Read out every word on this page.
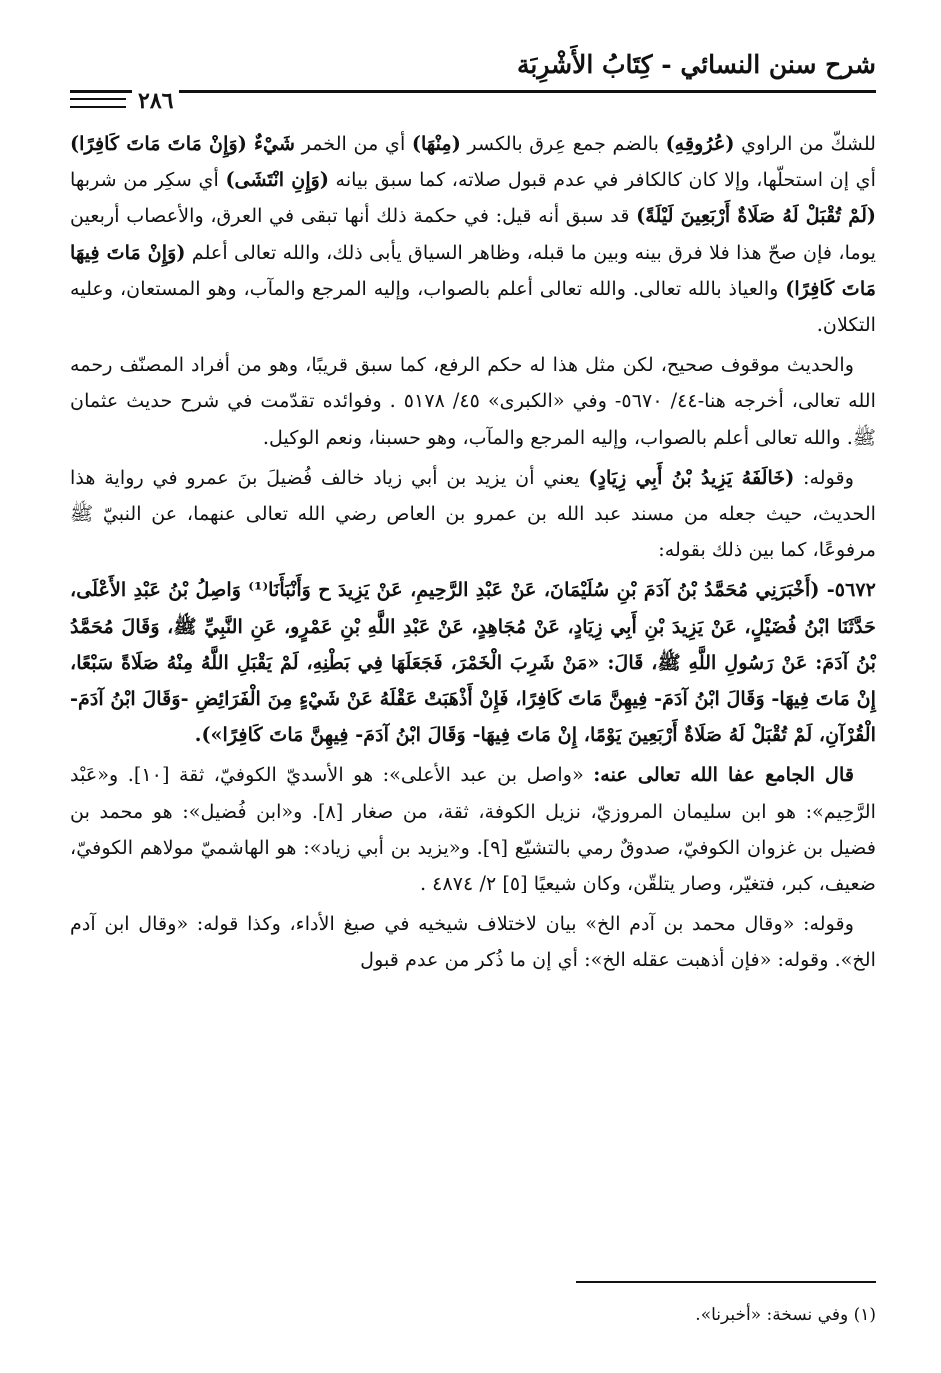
شرح سنن النسائي - كِتَابُ الأَشْرِبَة
٢٨٦

للشكّ من الراوي (عُرُوقِهِ) بالضم جمع عِرق بالكسر (مِنْهَا) أي من الخمر شَيْءٌ (وَإِنْ مَاتَ مَاتَ كَافِرًا) أي إن استحلّها، وإلا كان كالكافر في عدم قبول صلاته، كما سبق بيانه (وَإِنِ انْتَشَى) أي سكِر من شربها (لَمْ تُقْبَلْ لَهُ صَلَاةٌ أَرْبَعِينَ لَيْلَةً) قد سبق أنه قيل: في حكمة ذلك أنها تبقى في العرق، والأعصاب أربعين يوما، فإن صحّ هذا فلا فرق بينه وبين ما قبله، وظاهر السياق يأبى ذلك، والله تعالى أعلم (وَإِنْ مَاتَ فِيهَا مَاتَ كَافِرًا) والعياذ بالله تعالى. والله تعالى أعلم بالصواب، وإليه المرجع والمآب، وهو المستعان، وعليه التكلان.

والحديث موقوف صحيح، لكن مثل هذا له حكم الرفع، كما سبق قريبًا، وهو من أفراد المصنّف رحمه الله تعالى، أخرجه هنا-٤٤/ ٥٦٧٠- وفي «الكبرى» ٤٥/ ٥١٧٨ . وفوائده تقدّمت في شرح حديث عثمان ﷺ. والله تعالى أعلم بالصواب، وإليه المرجع والمآب، وهو حسبنا، ونعم الوكيل.

وقوله: (خَالَفَهُ يَزِيدُ بْنُ أَبِي زِيَادٍ) يعني أن يزيد بن أبي زياد خالف فُضيلَ بنَ عمرو في رواية هذا الحديث، حيث جعله من مسند عبد الله بن عمرو بن العاص رضي الله تعالى عنهما، عن النبيّ ﷺ مرفوعًا، كما بين ذلك بقوله:

٥٦٧٢- (أَخْبَرَنِي مُحَمَّدُ بْنُ آدَمَ بْنِ سُلَيْمَانَ، عَنْ عَبْدِ الرَّحِيمِ، عَنْ يَزِيدَ ح وَأَنْبَأَنَا⁽¹⁾ وَاصِلُ بْنُ عَبْدِ الأَعْلَى، حَدَّثَنَا ابْنُ فُضَيْلٍ، عَنْ يَزِيدَ بْنِ أَبِي زِيَادٍ، عَنْ مُجَاهِدٍ، عَنْ عَبْدِ اللَّهِ بْنِ عَمْرٍو، عَنِ النَّبِيِّ ﷺ، وَقَالَ مُحَمَّدُ بْنُ آدَمَ: عَنْ رَسُولِ اللَّهِ ﷺ، قَالَ: «مَنْ شَرِبَ الْخَمْرَ، فَجَعَلَهَا فِي بَطْنِهِ، لَمْ يَقْبَلِ اللَّهُ مِنْهُ صَلَاةً سَبْعًا، إِنْ مَاتَ فِيهَا- وَقَالَ ابْنُ آدَمَ- فِيهِنَّ مَاتَ كَافِرًا، فَإِنْ أَذْهَبَتْ عَقْلَهُ عَنْ شَيْءٍ مِنَ الْفَرَائِضِ -وَقَالَ ابْنُ آدَمَ- الْقُرْآنِ، لَمْ تُقْبَلْ لَهُ صَلَاةٌ أَرْبَعِينَ يَوْمًا، إِنْ مَاتَ فِيهَا- وَقَالَ ابْنُ آدَمَ- فِيهِنَّ مَاتَ كَافِرًا»).

قال الجامع عفا الله تعالى عنه: «واصل بن عبد الأعلى»: هو الأسديّ الكوفيّ، ثقة [١٠]. و«عَبْد الرَّحِيم»: هو ابن سليمان المروزيّ، نزيل الكوفة، ثقة، من صغار [٨]. و«ابن فُضيل»: هو محمد بن فضيل بن غزوان الكوفيّ، صدوقٌ رمي بالتشيّع [٩]. و«يزيد بن أبي زياد»: هو الهاشميّ مولاهم الكوفيّ، ضعيف، كبر، فتغيّر، وصار يتلقّن، وكان شيعيًا [٥] ٢/ ٤٨٧٤ .

وقوله: «وقال محمد بن آدم الخ» بيان لاختلاف شيخيه في صيغ الأداء، وكذا قوله: «وقال ابن آدم الخ». وقوله: «فإن أذهبت عقله الخ»: أي إن ما ذُكر من عدم قبول

(١) وفي نسخة: «أخبرنا».
